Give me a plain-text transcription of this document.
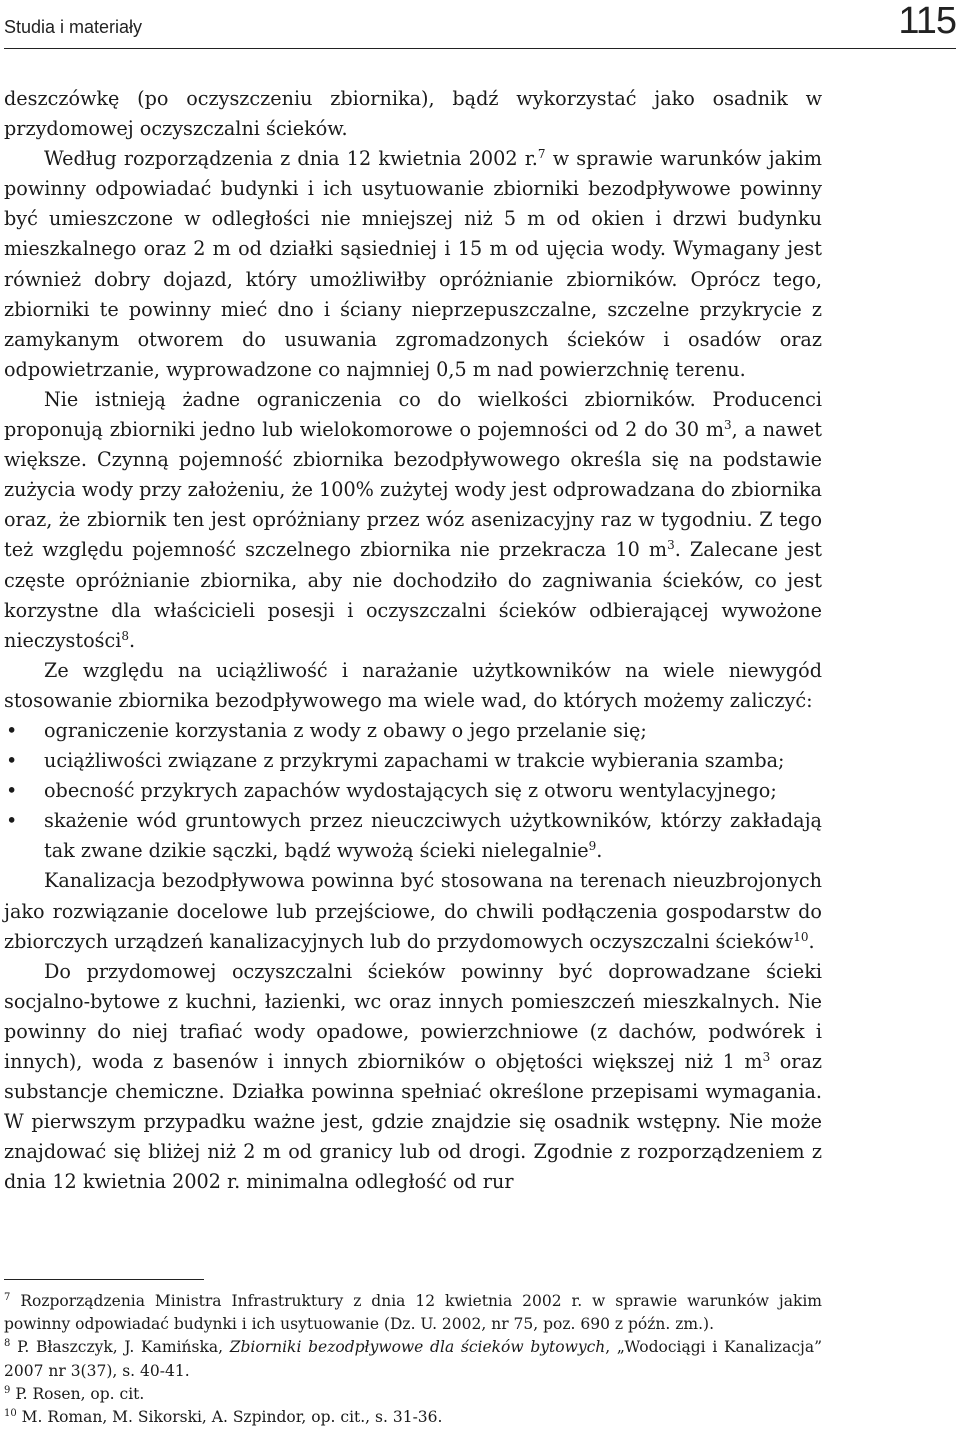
Studia i materiały	115

deszczówkę (po oczyszczeniu zbiornika), bądź wykorzystać jako osadnik w przydomowej oczyszczalni ścieków.

Według rozporządzenia z dnia 12 kwietnia 2002 r.$^7$ w sprawie warunków jakim powinny odpowiadać budynki i ich usytuowanie zbiorniki bezodpływowe powinny być umieszczone w odległości nie mniejszej niż 5 m od okien i drzwi budynku mieszkalnego oraz 2 m od działki sąsiedniej i 15 m od ujęcia wody. Wymagany jest również dobry dojazd, który umożliwiłby opróżnianie zbiorników. Oprócz tego, zbiorniki te powinny mieć dno i ściany nieprzepuszczalne, szczelne przykrycie z zamykanym otworem do usuwania zgromadzonych ścieków i osadów oraz odpowietrzanie, wyprowadzone co najmniej 0,5 m nad powierzchnię terenu.

Nie istnieją żadne ograniczenia co do wielkości zbiorników. Producenci proponują zbiorniki jedno lub wielokomorowe o pojemności od 2 do 30 $m^3$, a nawet większe. Czynną pojemność zbiornika bezodpływowego określa się na podstawie zużycia wody przy założeniu, że 100% zużytej wody jest odprowadzana do zbiornika oraz, że zbiornik ten jest opróżniany przez wóz asenizacyjny raz w tygodniu. Z tego też względu pojemność szczelnego zbiornika nie przekracza 10 $m^3$. Zalecane jest częste opróżnianie zbiornika, aby nie dochodziło do zagniwania ścieków, co jest korzystne dla właścicieli posesji i oczyszczalni ścieków odbierającej wywożone nieczystości$^8$.

Ze względu na uciążliwość i narażanie użytkowników na wiele niewygód stosowanie zbiornika bezodpływowego ma wiele wad, do których możemy zaliczyć:

• ograniczenie korzystania z wody z obawy o jego przelanie się;
• uciążliwości związane z przykrymi zapachami w trakcie wybierania szamba;
• obecność przykrych zapachów wydostających się z otworu wentylacyjnego;
• skażenie wód gruntowych przez nieuczciwych użytkowników, którzy zakładają tak zwane dzikie sączki, bądź wywożą ścieki nielegalnie$^9$.

Kanalizacja bezodpływowa powinna być stosowana na terenach nieuzbrojonych jako rozwiązanie docelowe lub przejściowe, do chwili podłączenia gospodarstw do zbiorczych urządzeń kanalizacyjnych lub do przydomowych oczyszczalni ścieków$^{10}$.

Do przydomowej oczyszczalni ścieków powinny być doprowadzane ścieki socjalno-bytowe z kuchni, łazienki, wc oraz innych pomieszczeń mieszkalnych. Nie powinny do niej trafiać wody opadowe, powierzchniowe (z dachów, podwórek i innych), woda z basenów i innych zbiorników o objętości większej niż 1 $m^3$ oraz substancje chemiczne. Działka powinna spełniać określone przepisami wymagania. W pierwszym przypadku ważne jest, gdzie znajdzie się osadnik wstępny. Nie może znajdować się bliżej niż 2 m od granicy lub od drogi. Zgodnie z rozporządzeniem z dnia 12 kwietnia 2002 r. minimalna odległość od rur

$^7$ Rozporządzenia Ministra Infrastruktury z dnia 12 kwietnia 2002 r. w sprawie warunków jakim powinny odpowiadać budynki i ich usytuowanie (Dz. U. 2002, nr 75, poz. 690 z późn. zm.).

$^8$ P. Błaszczyk, J. Kamińska, Zbiorniki bezodpływowe dla ścieków bytowych, „Wodociągi i Kanalizacja” 2007 nr 3(37), s. 40-41.

$^9$ P. Rosen, op. cit.

$^{10}$ M. Roman, M. Sikorski, A. Szpindor, op. cit., s. 31-36.
